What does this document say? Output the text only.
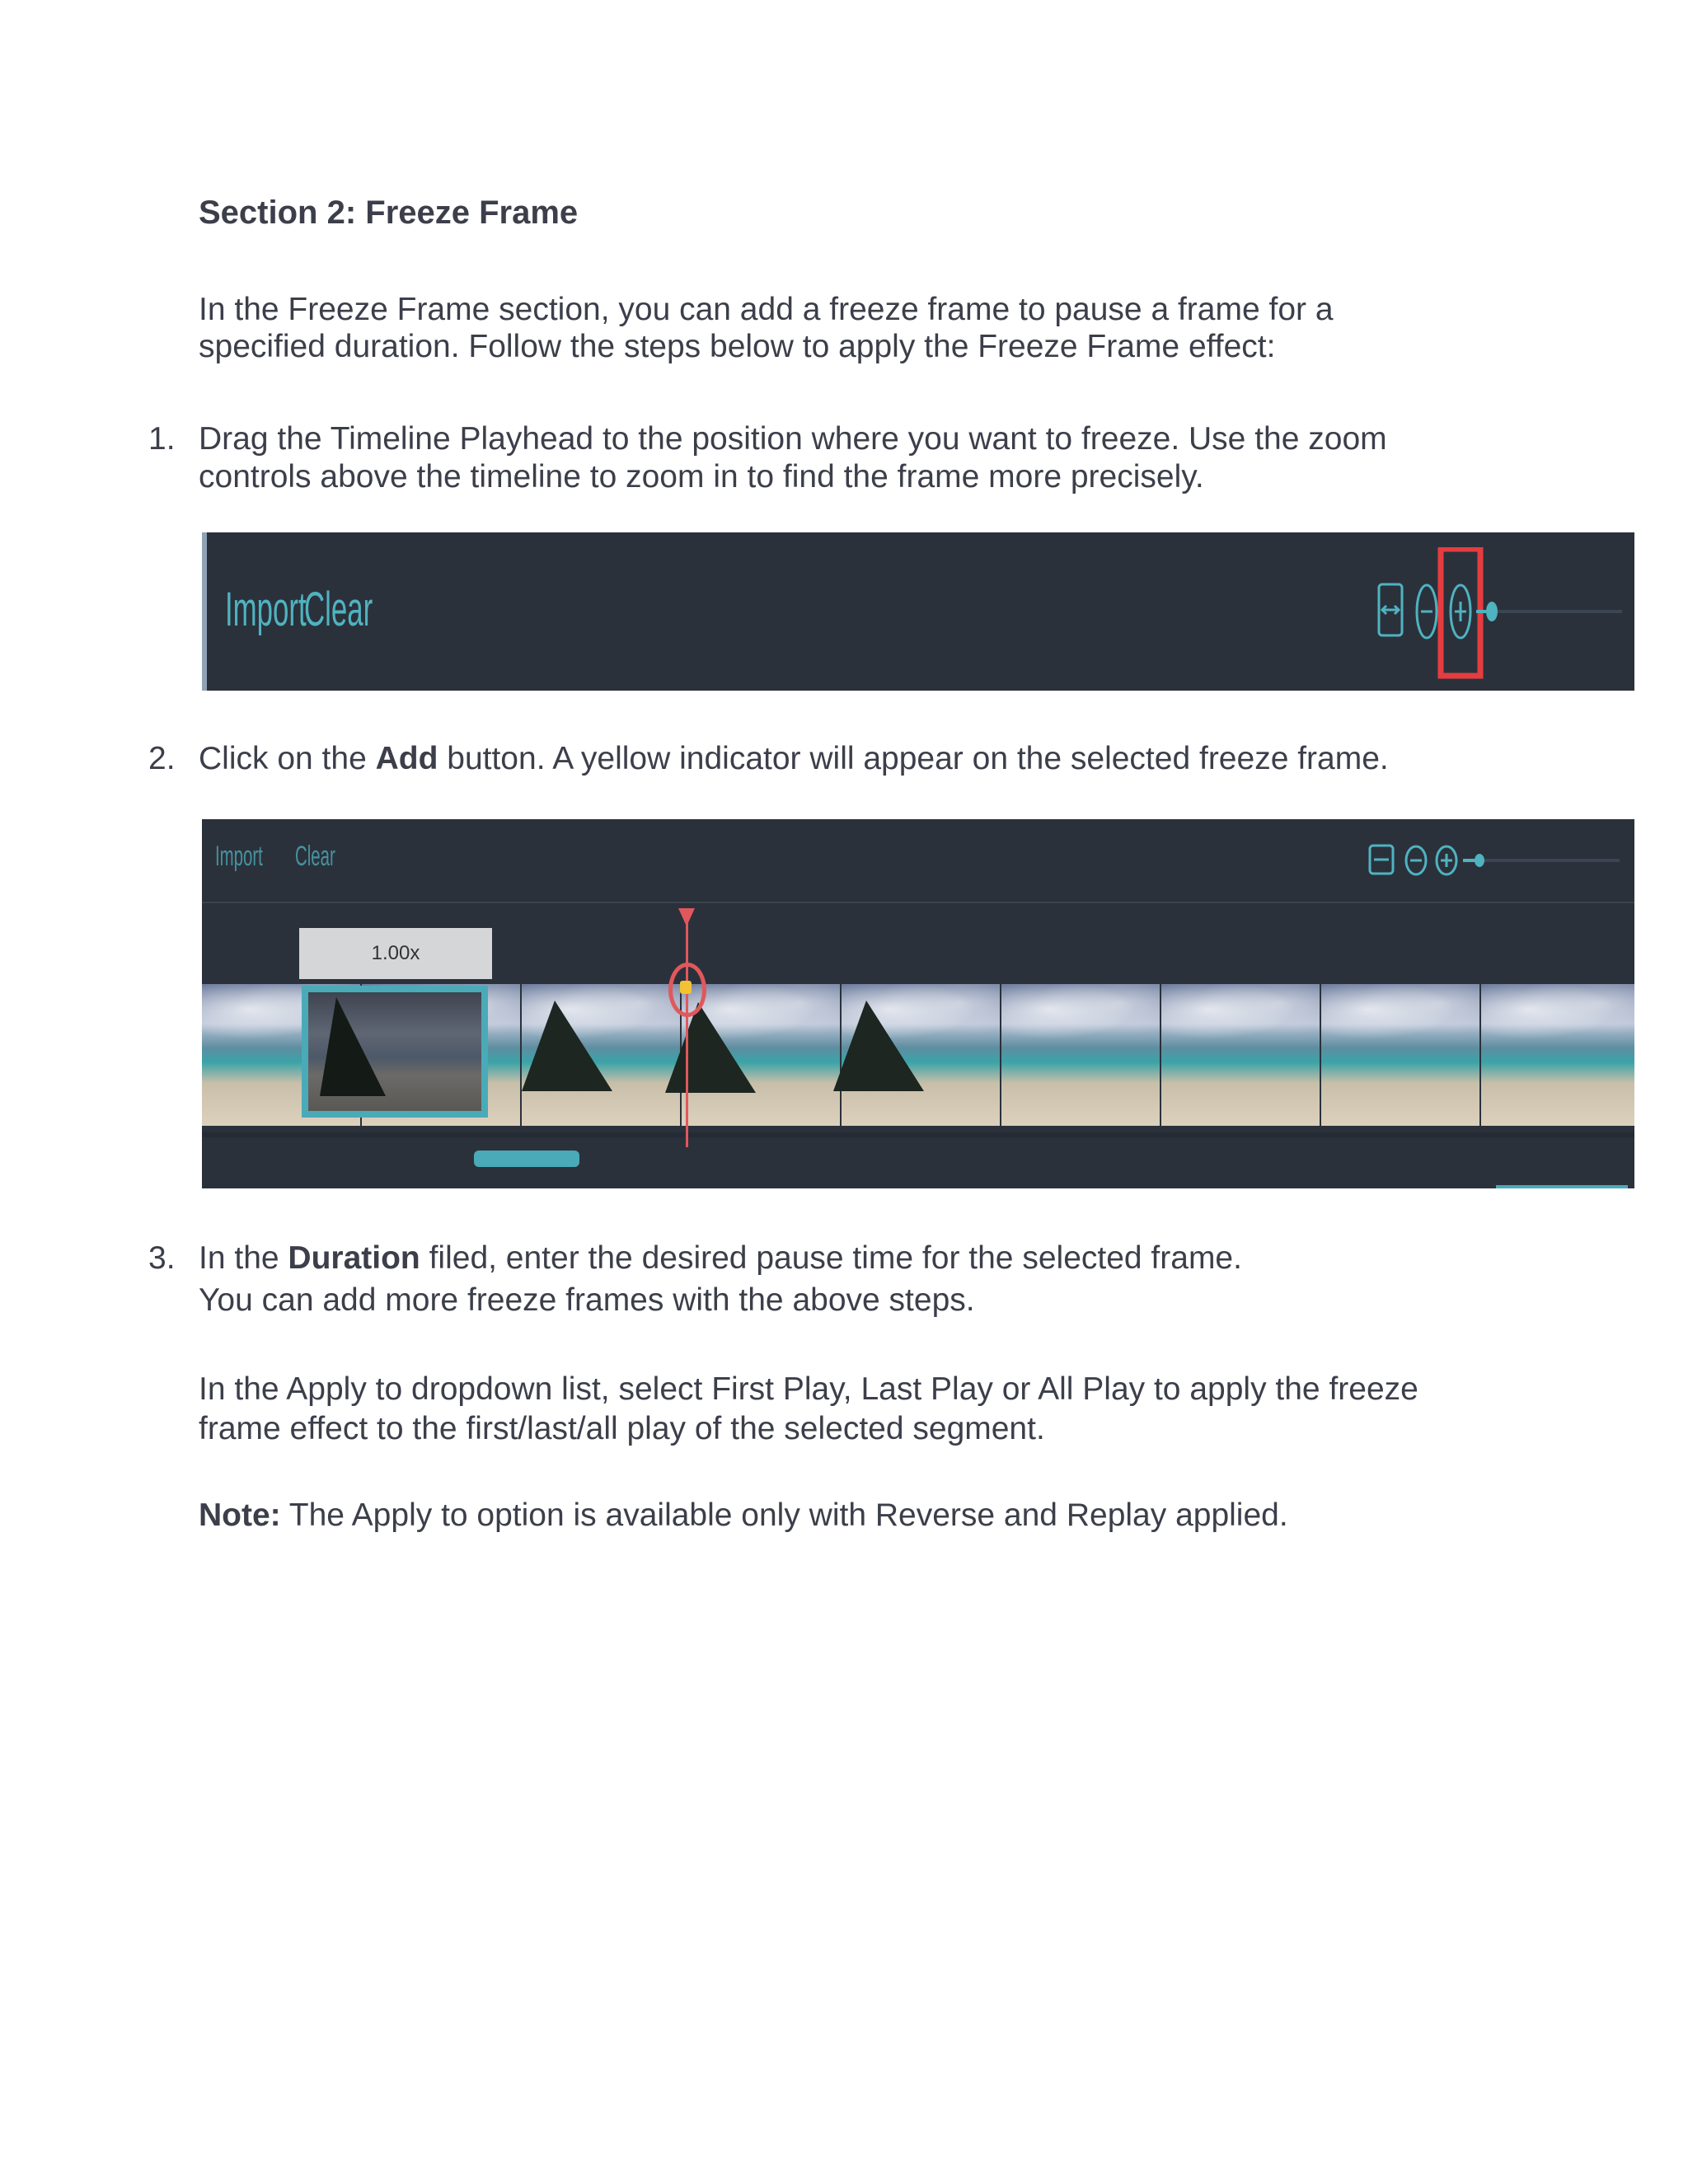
Section 2: Freeze Frame

In the Freeze Frame section, you can add a freeze frame to pause a frame for a

specified duration. Follow the steps below to apply the Freeze Frame effect:

1. Drag the Timeline Playhead to the position where you want to freeze. Use the zoom

controls above the timeline to zoom in to find the frame more precisely.

Import
Clear
2. Click on the Add button. A yellow indicator will appear on the selected freeze frame.

Import Clear
1.00x
3. In the Duration filed, enter the desired pause time for the selected frame.

You can add more freeze frames with the above steps.

In the Apply to dropdown list, select First Play, Last Play or All Play to apply the freeze

frame effect to the first/last/all play of the selected segment.

Note: The Apply to option is available only with Reverse and Replay applied.
